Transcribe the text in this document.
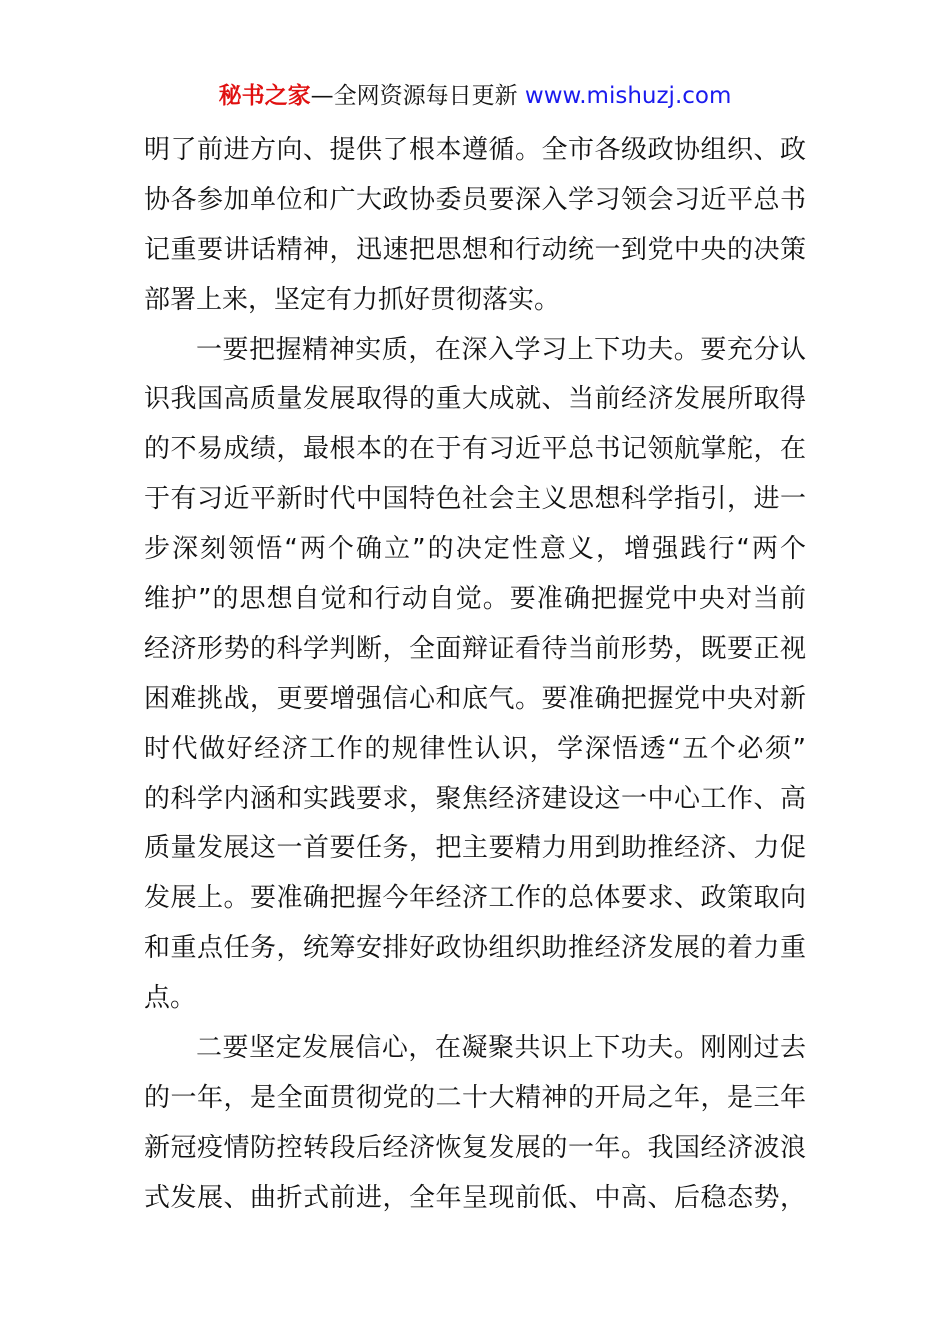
秘书之家—全网资源每日更新 www.mishuzj.com
明了前进方向、提供了根本遵循。全市各级政协组织、政
协各参加单位和广大政协委员要深入学习领会习近平总书
记重要讲话精神，迅速把思想和行动统一到党中央的决策
部署上来，坚定有力抓好贯彻落实。
一要把握精神实质，在深入学习上下功夫。要充分认
识我国高质量发展取得的重大成就、当前经济发展所取得
的不易成绩，最根本的在于有习近平总书记领航掌舵，在
于有习近平新时代中国特色社会主义思想科学指引，进一
步深刻领悟“两个确立”的决定性意义，增强践行“两个
维护”的思想自觉和行动自觉。要准确把握党中央对当前
经济形势的科学判断，全面辩证看待当前形势，既要正视
困难挑战，更要增强信心和底气。要准确把握党中央对新
时代做好经济工作的规律性认识，学深悟透“五个必须”
的科学内涵和实践要求，聚焦经济建设这一中心工作、高
质量发展这一首要任务，把主要精力用到助推经济、力促
发展上。要准确把握今年经济工作的总体要求、政策取向
和重点任务，统筹安排好政协组织助推经济发展的着力重
点。
二要坚定发展信心，在凝聚共识上下功夫。刚刚过去
的一年，是全面贯彻党的二十大精神的开局之年，是三年
新冠疫情防控转段后经济恢复发展的一年。我国经济波浪
式发展、曲折式前进，全年呈现前低、中高、后稳态势，
